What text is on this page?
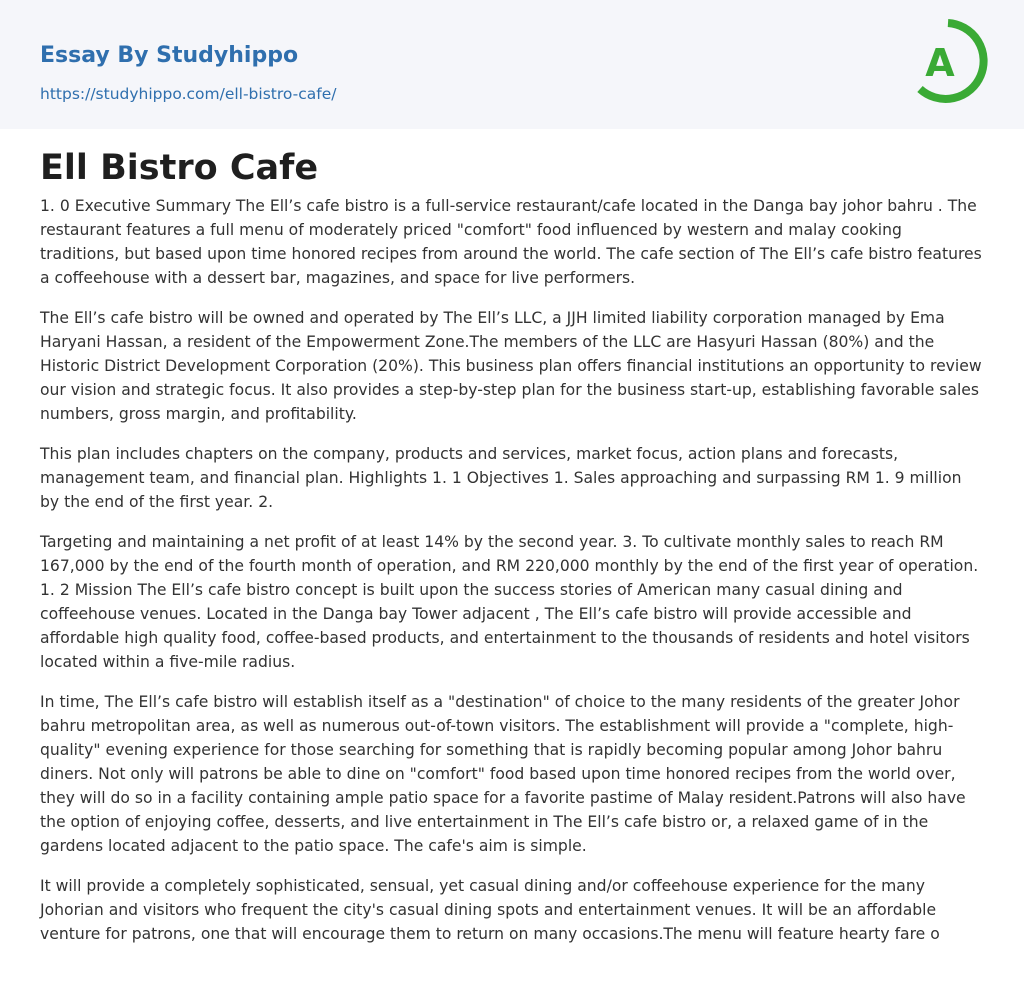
Essay By Studyhippo
https://studyhippo.com/ell-bistro-cafe/
A
Ell Bistro Cafe

1. 0 Executive Summary The Ell’s cafe bistro is a full-service restaurant/cafe located in the Danga bay johor bahru . The restaurant features a full menu of moderately priced "comfort" food influenced by western and malay cooking traditions, but based upon time honored recipes from around the world. The cafe section of The Ell’s cafe bistro features a coffeehouse with a dessert bar, magazines, and space for live performers.

The Ell’s cafe bistro will be owned and operated by The Ell’s LLC, a JJH limited liability corporation managed by Ema Haryani Hassan, a resident of the Empowerment Zone.The members of the LLC are Hasyuri Hassan (80%) and the Historic District Development Corporation (20%). This business plan offers financial institutions an opportunity to review our vision and strategic focus. It also provides a step-by-step plan for the business start-up, establishing favorable sales numbers, gross margin, and profitability.

This plan includes chapters on the company, products and services, market focus, action plans and forecasts, management team, and financial plan. Highlights 1. 1 Objectives 1. Sales approaching and surpassing RM 1. 9 million by the end of the first year. 2.

Targeting and maintaining a net profit of at least 14% by the second year. 3. To cultivate monthly sales to reach RM 167,000 by the end of the fourth month of operation, and RM 220,000 monthly by the end of the first year of operation. 1. 2 Mission The Ell’s cafe bistro concept is built upon the success stories of American many casual dining and coffeehouse venues. Located in the Danga bay Tower adjacent , The Ell’s cafe bistro will provide accessible and affordable high quality food, coffee-based products, and entertainment to the thousands of residents and hotel visitors located within a five-mile radius.

In time, The Ell’s cafe bistro will establish itself as a "destination" of choice to the many residents of the greater Johor bahru metropolitan area, as well as numerous out-of-town visitors. The establishment will provide a "complete, high-quality" evening experience for those searching for something that is rapidly becoming popular among Johor bahru diners. Not only will patrons be able to dine on "comfort" food based upon time honored recipes from the world over, they will do so in a facility containing ample patio space for a favorite pastime of Malay resident.Patrons will also have the option of enjoying coffee, desserts, and live entertainment in The Ell’s cafe bistro or, a relaxed game of in the gardens located adjacent to the patio space. The cafe's aim is simple.

It will provide a completely sophisticated, sensual, yet casual dining and/or coffeehouse experience for the many Johorian and visitors who frequent the city's casual dining spots and entertainment venues. It will be an affordable venture for patrons, one that will encourage them to return on many occasions.The menu will feature hearty fare o
